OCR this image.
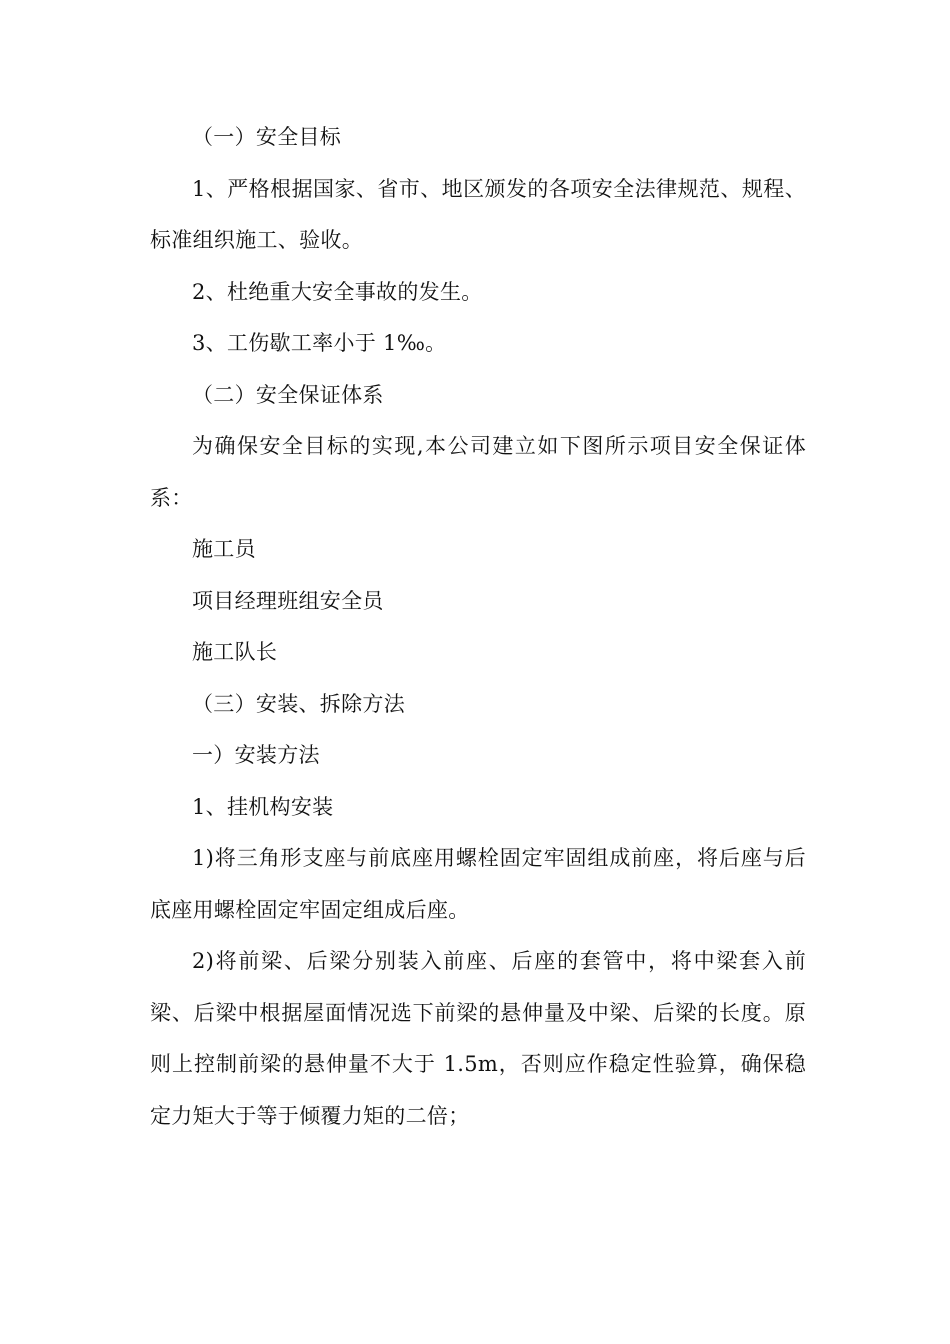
（一）安全目标

1、严格根据国家、省市、地区颁发的各项安全法律规范、规程、标准组织施工、验收。

2、杜绝重大安全事故的发生。

3、工伤歇工率小于 1‰。

（二）安全保证体系

为确保安全目标的实现,本公司建立如下图所示项目安全保证体系：

施工员

项目经理班组安全员

施工队长

（三）安装、拆除方法

一）安装方法

1、挂机构安装

1)将三角形支座与前底座用螺栓固定牢固组成前座，将后座与后底座用螺栓固定牢固定组成后座。

2)将前梁、后梁分别装入前座、后座的套管中，将中梁套入前梁、后梁中根据屋面情况选下前梁的悬伸量及中梁、后梁的长度。原则上控制前梁的悬伸量不大于 1.5m，否则应作稳定性验算，确保稳定力矩大于等于倾覆力矩的二倍；
